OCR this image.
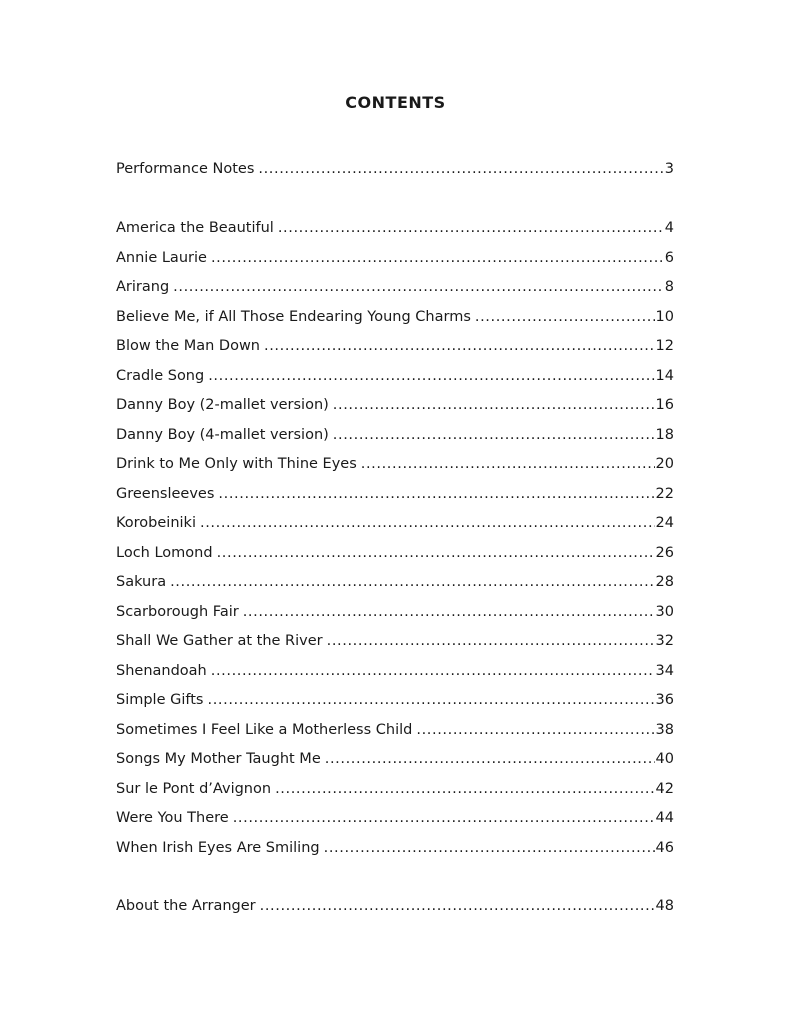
CONTENTS
Performance Notes .....	3
America the Beautiful .....	4
Annie Laurie .....	6
Arirang .....	8
Believe Me, if All Those Endearing Young Charms .....	10
Blow the Man Down .....	12
Cradle Song .....	14
Danny Boy (2-mallet version) .....	16
Danny Boy (4-mallet version) .....	18
Drink to Me Only with Thine Eyes .....	20
Greensleeves .....	22
Korobeiniki .....	24
Loch Lomond .....	26
Sakura .....	28
Scarborough Fair .....	30
Shall We Gather at the River .....	32
Shenandoah .....	34
Simple Gifts .....	36
Sometimes I Feel Like a Motherless Child .....	38
Songs My Mother Taught Me .....	40
Sur le Pont d’Avignon .....	42
Were You There .....	44
When Irish Eyes Are Smiling .....	46
About the Arranger .....	48
